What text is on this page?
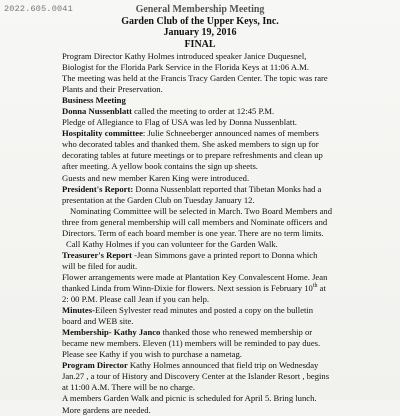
2022.605.0041	General Membership Meeting
Garden Club of the Upper Keys, Inc.
January 19, 2016
FINAL

Program Director Kathy Holmes introduced speaker Janice Duquesnel,

Biologist for the Florida Park Service in the Florida Keys at 11:06 A.M.

The meeting was held at the Francis Tracy Garden Center. The topic was rare

Plants and their Preservation.

Business Meeting

Donna Nussenblatt called the meeting to order at 12:45 P.M.

Pledge of Allegiance to Flag of USA was led by Donna Nussenblatt.

Hospitality committee: Julie Schneeberger announced names of members

who decorated tables and thanked them. She asked members to sign up for

decorating tables at future meetings or to prepare refreshments and clean up

after meeting. A yellow book contains the sign up sheets.

Guests and new member Karen King were introduced.

President's Report: Donna Nussenblatt reported that Tibetan Monks had a

presentation at the Garden Club on Tuesday January 12.

Nominating Committee will be selected in March. Two Board Members and

three from general membership will call members and Nominate officers and

Directors. Term of each board member is one year. There are no term limits.

Call Kathy Holmes if you can volunteer for the Garden Walk.

Treasurer's Report -Jean Simmons gave a printed report to Donna which

will be filed for audit.

Flower arrangements were made at Plantation Key Convalescent Home. Jean

thanked Linda from Winn-Dixie for flowers. Next session is February 10th at

2: 00 P.M. Please call Jean if you can help.

Minutes-Eileen Sylvester read minutes and posted a copy on the bulletin

board and WEB site.

Membership- Kathy Janco thanked those who renewed membership or

became new members. Eleven (11) members will be reminded to pay dues.

Please see Kathy if you wish to purchase a nametag.

Program Director Kathy Holmes announced that field trip on Wednesday

Jan.27 , a tour of History and Discovery Center at the Islander Resort , begins

at 11:00 A.M. There will be no charge.

A members Garden Walk and picnic is scheduled for April 5. Bring lunch.

More gardens are needed.
